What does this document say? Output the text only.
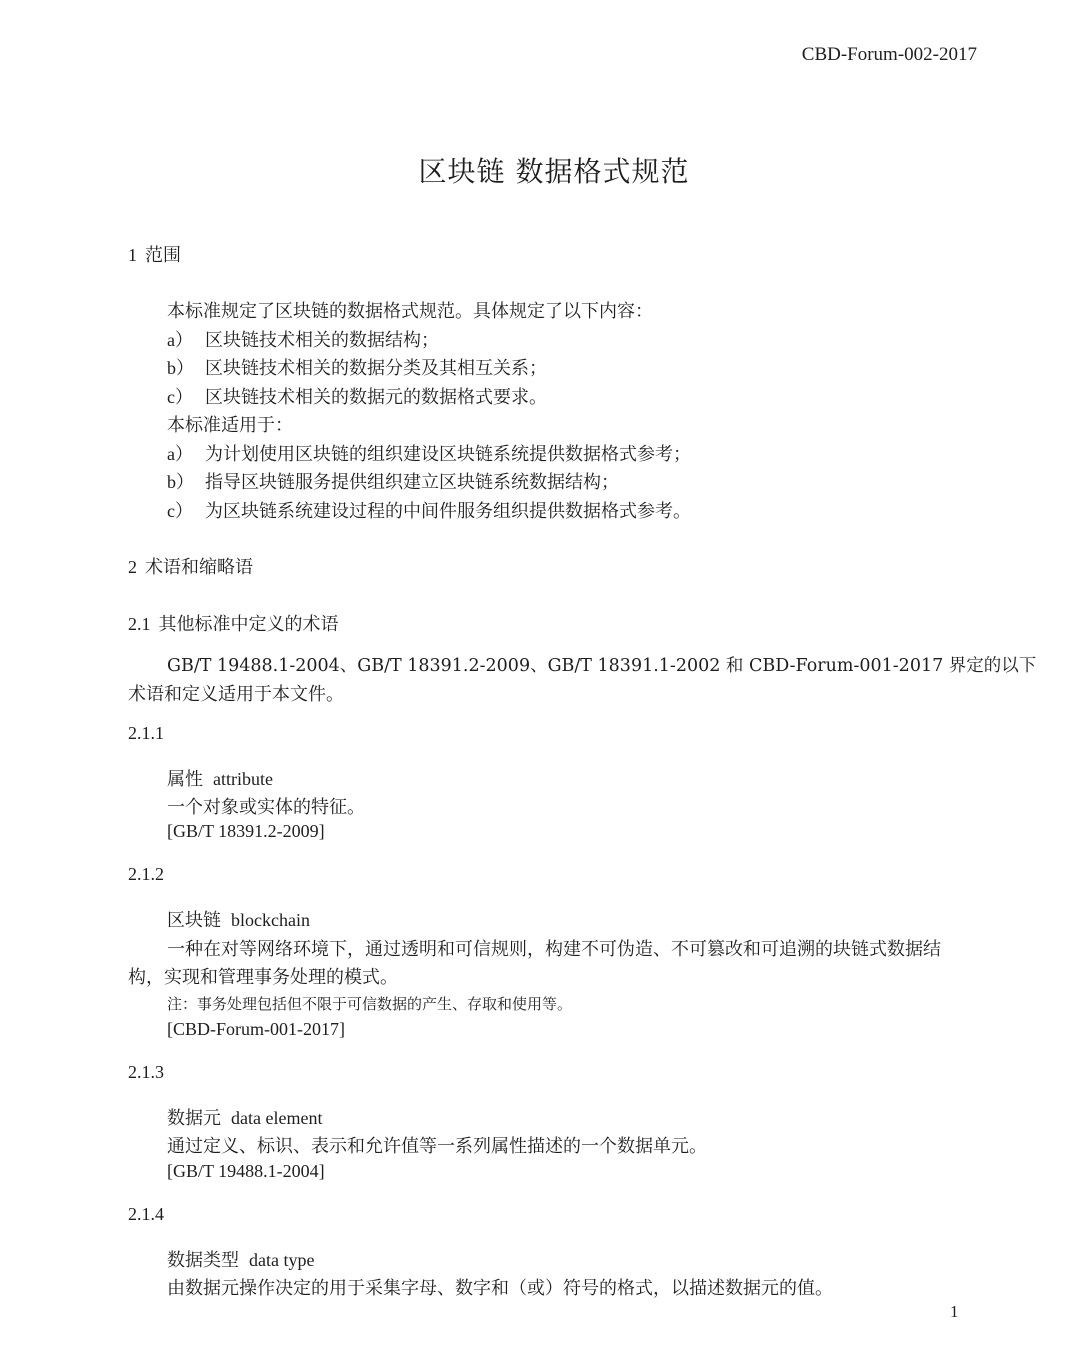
CBD-Forum-002-2017
区块链 数据格式规范
1 范围
本标准规定了区块链的数据格式规范。具体规定了以下内容：
a） 区块链技术相关的数据结构；
b） 区块链技术相关的数据分类及其相互关系；
c） 区块链技术相关的数据元的数据格式要求。
本标准适用于：
a） 为计划使用区块链的组织建设区块链系统提供数据格式参考；
b） 指导区块链服务提供组织建立区块链系统数据结构；
c） 为区块链系统建设过程的中间件服务组织提供数据格式参考。
2 术语和缩略语
2.1 其他标准中定义的术语
GB/T 19488.1-2004、GB/T 18391.2-2009、GB/T 18391.1-2002 和 CBD-Forum-001-2017 界定的以下
术语和定义适用于本文件。
2.1.1
属性 attribute
一个对象或实体的特征。
[GB/T 18391.2-2009]
2.1.2
区块链 blockchain
一种在对等网络环境下，通过透明和可信规则，构建不可伪造、不可篡改和可追溯的块链式数据结
构，实现和管理事务处理的模式。
注：事务处理包括但不限于可信数据的产生、存取和使用等。
[CBD-Forum-001-2017]
2.1.3
数据元 data element
通过定义、标识、表示和允许值等一系列属性描述的一个数据单元。
[GB/T 19488.1-2004]
2.1.4
数据类型 data type
由数据元操作决定的用于采集字母、数字和（或）符号的格式，以描述数据元的值。
1
